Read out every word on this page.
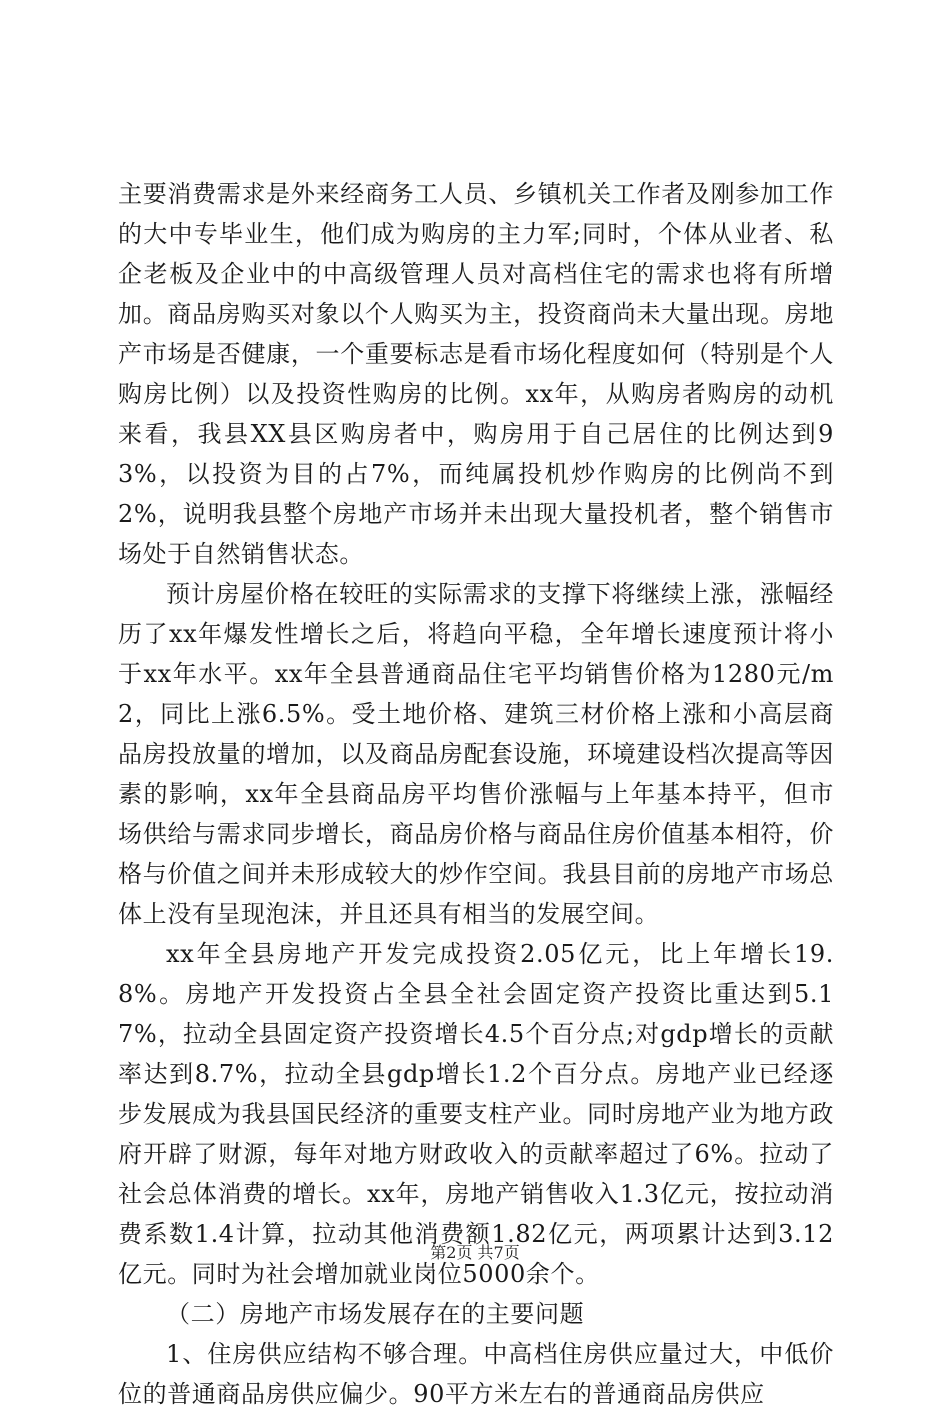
主要消费需求是外来经商务工人员、乡镇机关工作者及刚参加工作的大中专毕业生，他们成为购房的主力军;同时，个体从业者、私企老板及企业中的中高级管理人员对高档住宅的需求也将有所增加。商品房购买对象以个人购买为主，投资商尚未大量出现。房地产市场是否健康，一个重要标志是看市场化程度如何（特别是个人购房比例）以及投资性购房的比例。xx年，从购房者购房的动机来看，我县XX县区购房者中，购房用于自己居住的比例达到93%，以投资为目的占7%，而纯属投机炒作购房的比例尚不到2%，说明我县整个房地产市场并未出现大量投机者，整个销售市场处于自然销售状态。

预计房屋价格在较旺的实际需求的支撑下将继续上涨，涨幅经历了xx年爆发性增长之后，将趋向平稳，全年增长速度预计将小于xx年水平。xx年全县普通商品住宅平均销售价格为1280元/m2，同比上涨6.5%。受土地价格、建筑三材价格上涨和小高层商品房投放量的增加，以及商品房配套设施，环境建设档次提高等因素的影响，xx年全县商品房平均售价涨幅与上年基本持平，但市场供给与需求同步增长，商品房价格与商品住房价值基本相符，价格与价值之间并未形成较大的炒作空间。我县目前的房地产市场总体上没有呈现泡沫，并且还具有相当的发展空间。

xx年全县房地产开发完成投资2.05亿元，比上年增长19.8%。房地产开发投资占全县全社会固定资产投资比重达到5.17%，拉动全县固定资产投资增长4.5个百分点;对gdp增长的贡献率达到8.7%，拉动全县gdp增长1.2个百分点。房地产业已经逐步发展成为我县国民经济的重要支柱产业。同时房地产业为地方政府开辟了财源，每年对地方财政收入的贡献率超过了6%。拉动了社会总体消费的增长。xx年，房地产销售收入1.3亿元，按拉动消费系数1.4计算，拉动其他消费额1.82亿元，两项累计达到3.12亿元。同时为社会增加就业岗位5000余个。

（二）房地产市场发展存在的主要问题

1、住房供应结构不够合理。中高档住房供应量过大，中低价位的普通商品房供应偏少。90平方米左右的普通商品房供应

第2页 共7页
